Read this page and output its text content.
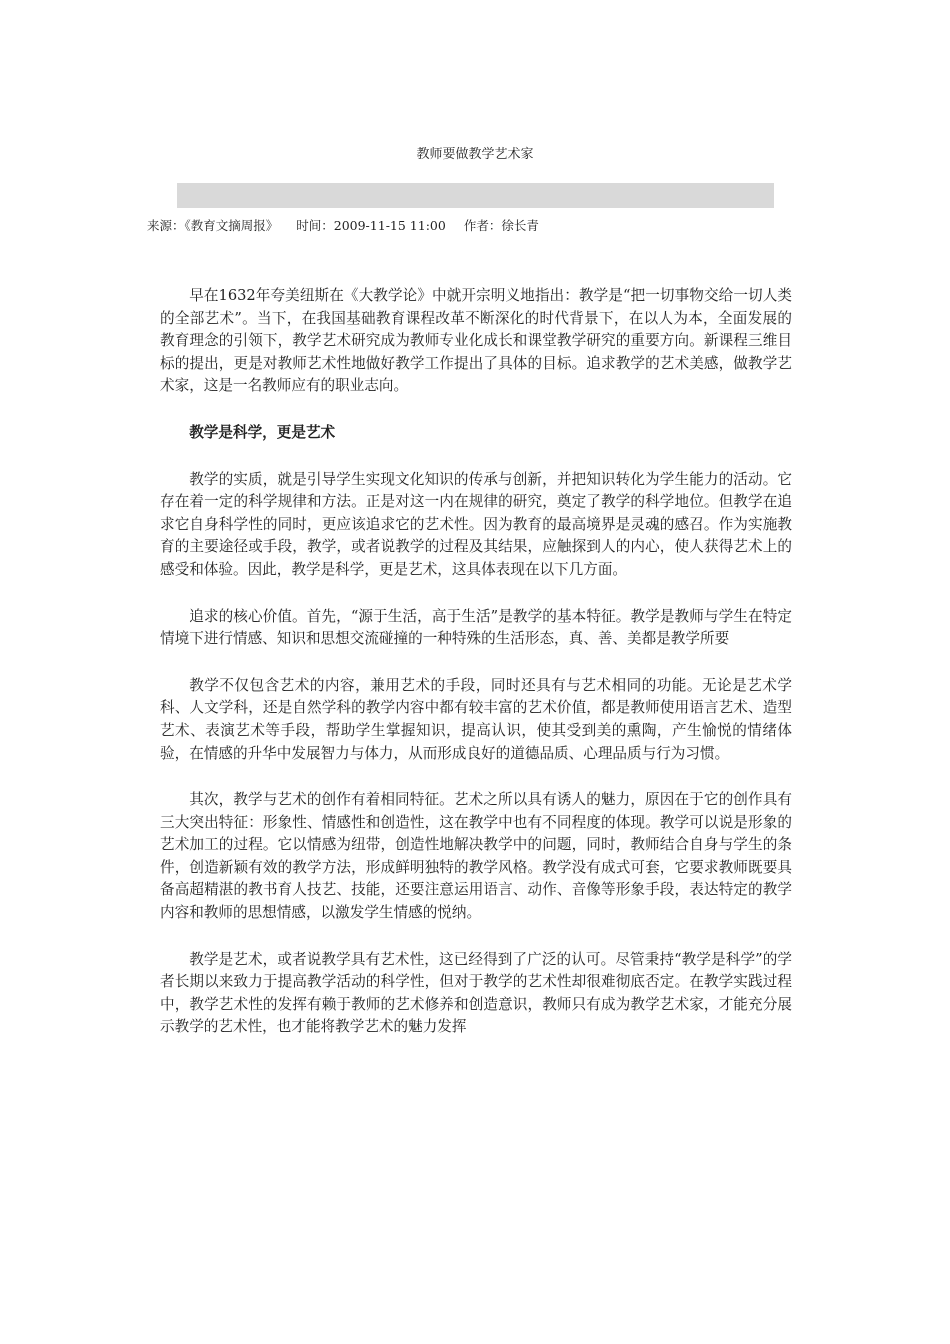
教师要做教学艺术家
来源：《教育文摘周报》 时间：2009-11-15 11:00 作者：徐长青

早在1632年夸美纽斯在《大教学论》中就开宗明义地指出：教学是“把一切事物交给一切人类的全部艺术”。当下，在我国基础教育课程改革不断深化的时代背景下，在以人为本，全面发展的教育理念的引领下，教学艺术研究成为教师专业化成长和课堂教学研究的重要方向。新课程三维目标的提出，更是对教师艺术性地做好教学工作提出了具体的目标。追求教学的艺术美感，做教学艺术家，这是一名教师应有的职业志向。

教学是科学，更是艺术

教学的实质，就是引导学生实现文化知识的传承与创新，并把知识转化为学生能力的活动。它存在着一定的科学规律和方法。正是对这一内在规律的研究，奠定了教学的科学地位。但教学在追求它自身科学性的同时，更应该追求它的艺术性。因为教育的最高境界是灵魂的感召。作为实施教育的主要途径或手段，教学，或者说教学的过程及其结果，应触探到人的内心，使人获得艺术上的感受和体验。因此，教学是科学，更是艺术，这具体表现在以下几方面。

追求的核心价值。首先，“源于生活，高于生活”是教学的基本特征。教学是教师与学生在特定情境下进行情感、知识和思想交流碰撞的一种特殊的生活形态，真、善、美都是教学所要

教学不仅包含艺术的内容，兼用艺术的手段，同时还具有与艺术相同的功能。无论是艺术学科、人文学科，还是自然学科的教学内容中都有较丰富的艺术价值，都是教师使用语言艺术、造型艺术、表演艺术等手段，帮助学生掌握知识，提高认识，使其受到美的熏陶，产生愉悦的情绪体验，在情感的升华中发展智力与体力，从而形成良好的道德品质、心理品质与行为习惯。

其次，教学与艺术的创作有着相同特征。艺术之所以具有诱人的魅力，原因在于它的创作具有三大突出特征：形象性、情感性和创造性，这在教学中也有不同程度的体现。教学可以说是形象的艺术加工的过程。它以情感为纽带，创造性地解决教学中的问题，同时，教师结合自身与学生的条件，创造新颖有效的教学方法，形成鲜明独特的教学风格。教学没有成式可套，它要求教师既要具备高超精湛的教书育人技艺、技能，还要注意运用语言、动作、音像等形象手段，表达特定的教学内容和教师的思想情感，以激发学生情感的悦纳。

教学是艺术，或者说教学具有艺术性，这已经得到了广泛的认可。尽管秉持“教学是科学”的学者长期以来致力于提高教学活动的科学性，但对于教学的艺术性却很难彻底否定。在教学实践过程中，教学艺术性的发挥有赖于教师的艺术修养和创造意识，教师只有成为教学艺术家，才能充分展示教学的艺术性，也才能将教学艺术的魅力发挥
